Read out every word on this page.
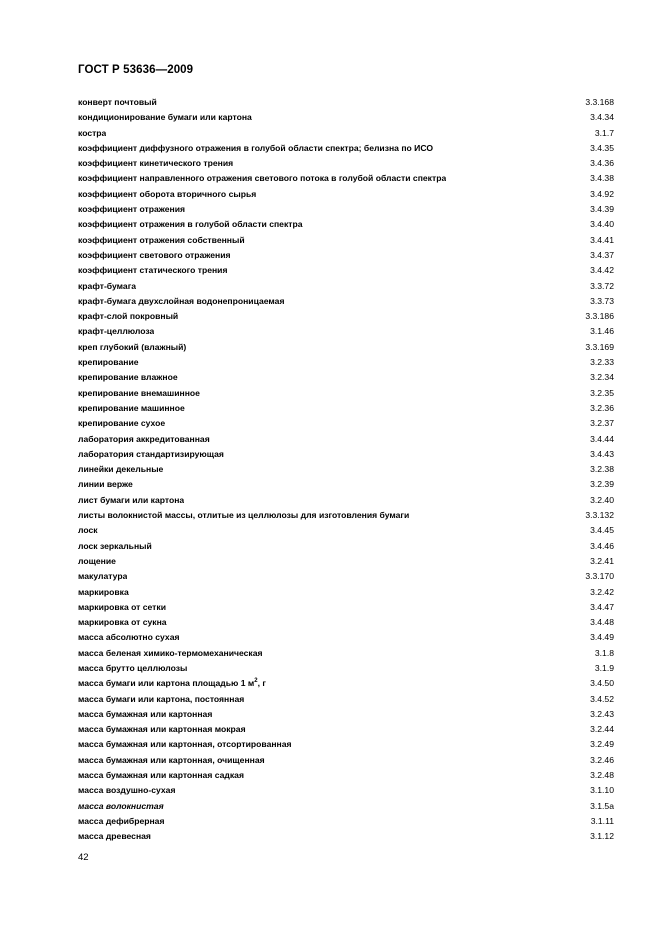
ГОСТ Р 53636—2009
конверт почтовый	3.3.168
кондиционирование бумаги или картона	3.4.34
костра	3.1.7
коэффициент диффузного отражения в голубой области спектра; белизна по ИСО	3.4.35
коэффициент кинетического трения	3.4.36
коэффициент направленного отражения светового потока в голубой области спектра	3.4.38
коэффициент оборота вторичного сырья	3.4.92
коэффициент отражения	3.4.39
коэффициент отражения в голубой области спектра	3.4.40
коэффициент отражения собственный	3.4.41
коэффициент светового отражения	3.4.37
коэффициент статического трения	3.4.42
крафт-бумага	3.3.72
крафт-бумага двухслойная водонепроницаемая	3.3.73
крафт-слой покровный	3.3.186
крафт-целлюлоза	3.1.46
креп глубокий (влажный)	3.3.169
крепирование	3.2.33
крепирование влажное	3.2.34
крепирование внемашинное	3.2.35
крепирование машинное	3.2.36
крепирование сухое	3.2.37
лаборатория аккредитованная	3.4.44
лаборатория стандартизирующая	3.4.43
линейки декельные	3.2.38
линии верже	3.2.39
лист бумаги или картона	3.2.40
листы волокнистой массы, отлитые из целлюлозы для изготовления бумаги	3.3.132
лоск	3.4.45
лоск зеркальный	3.4.46
лощение	3.2.41
макулатура	3.3.170
маркировка	3.2.42
маркировка от сетки	3.4.47
маркировка от сукна	3.4.48
масса абсолютно сухая	3.4.49
масса беленая химико-термомеханическая	3.1.8
масса брутто целлюлозы	3.1.9
масса бумаги или картона площадью 1 $м^2$, г	3.4.50
масса бумаги или картона, постоянная	3.4.52
масса бумажная или картонная	3.2.43
масса бумажная или картонная мокрая	3.2.44
масса бумажная или картонная, отсортированная	3.2.49
масса бумажная или картонная, очищенная	3.2.46
масса бумажная или картонная садкая	3.2.48
масса воздушно-сухая	3.1.10
масса волокнистая	3.1.5а
масса дефибрерная	3.1.11
масса древесная	3.1.12
42
